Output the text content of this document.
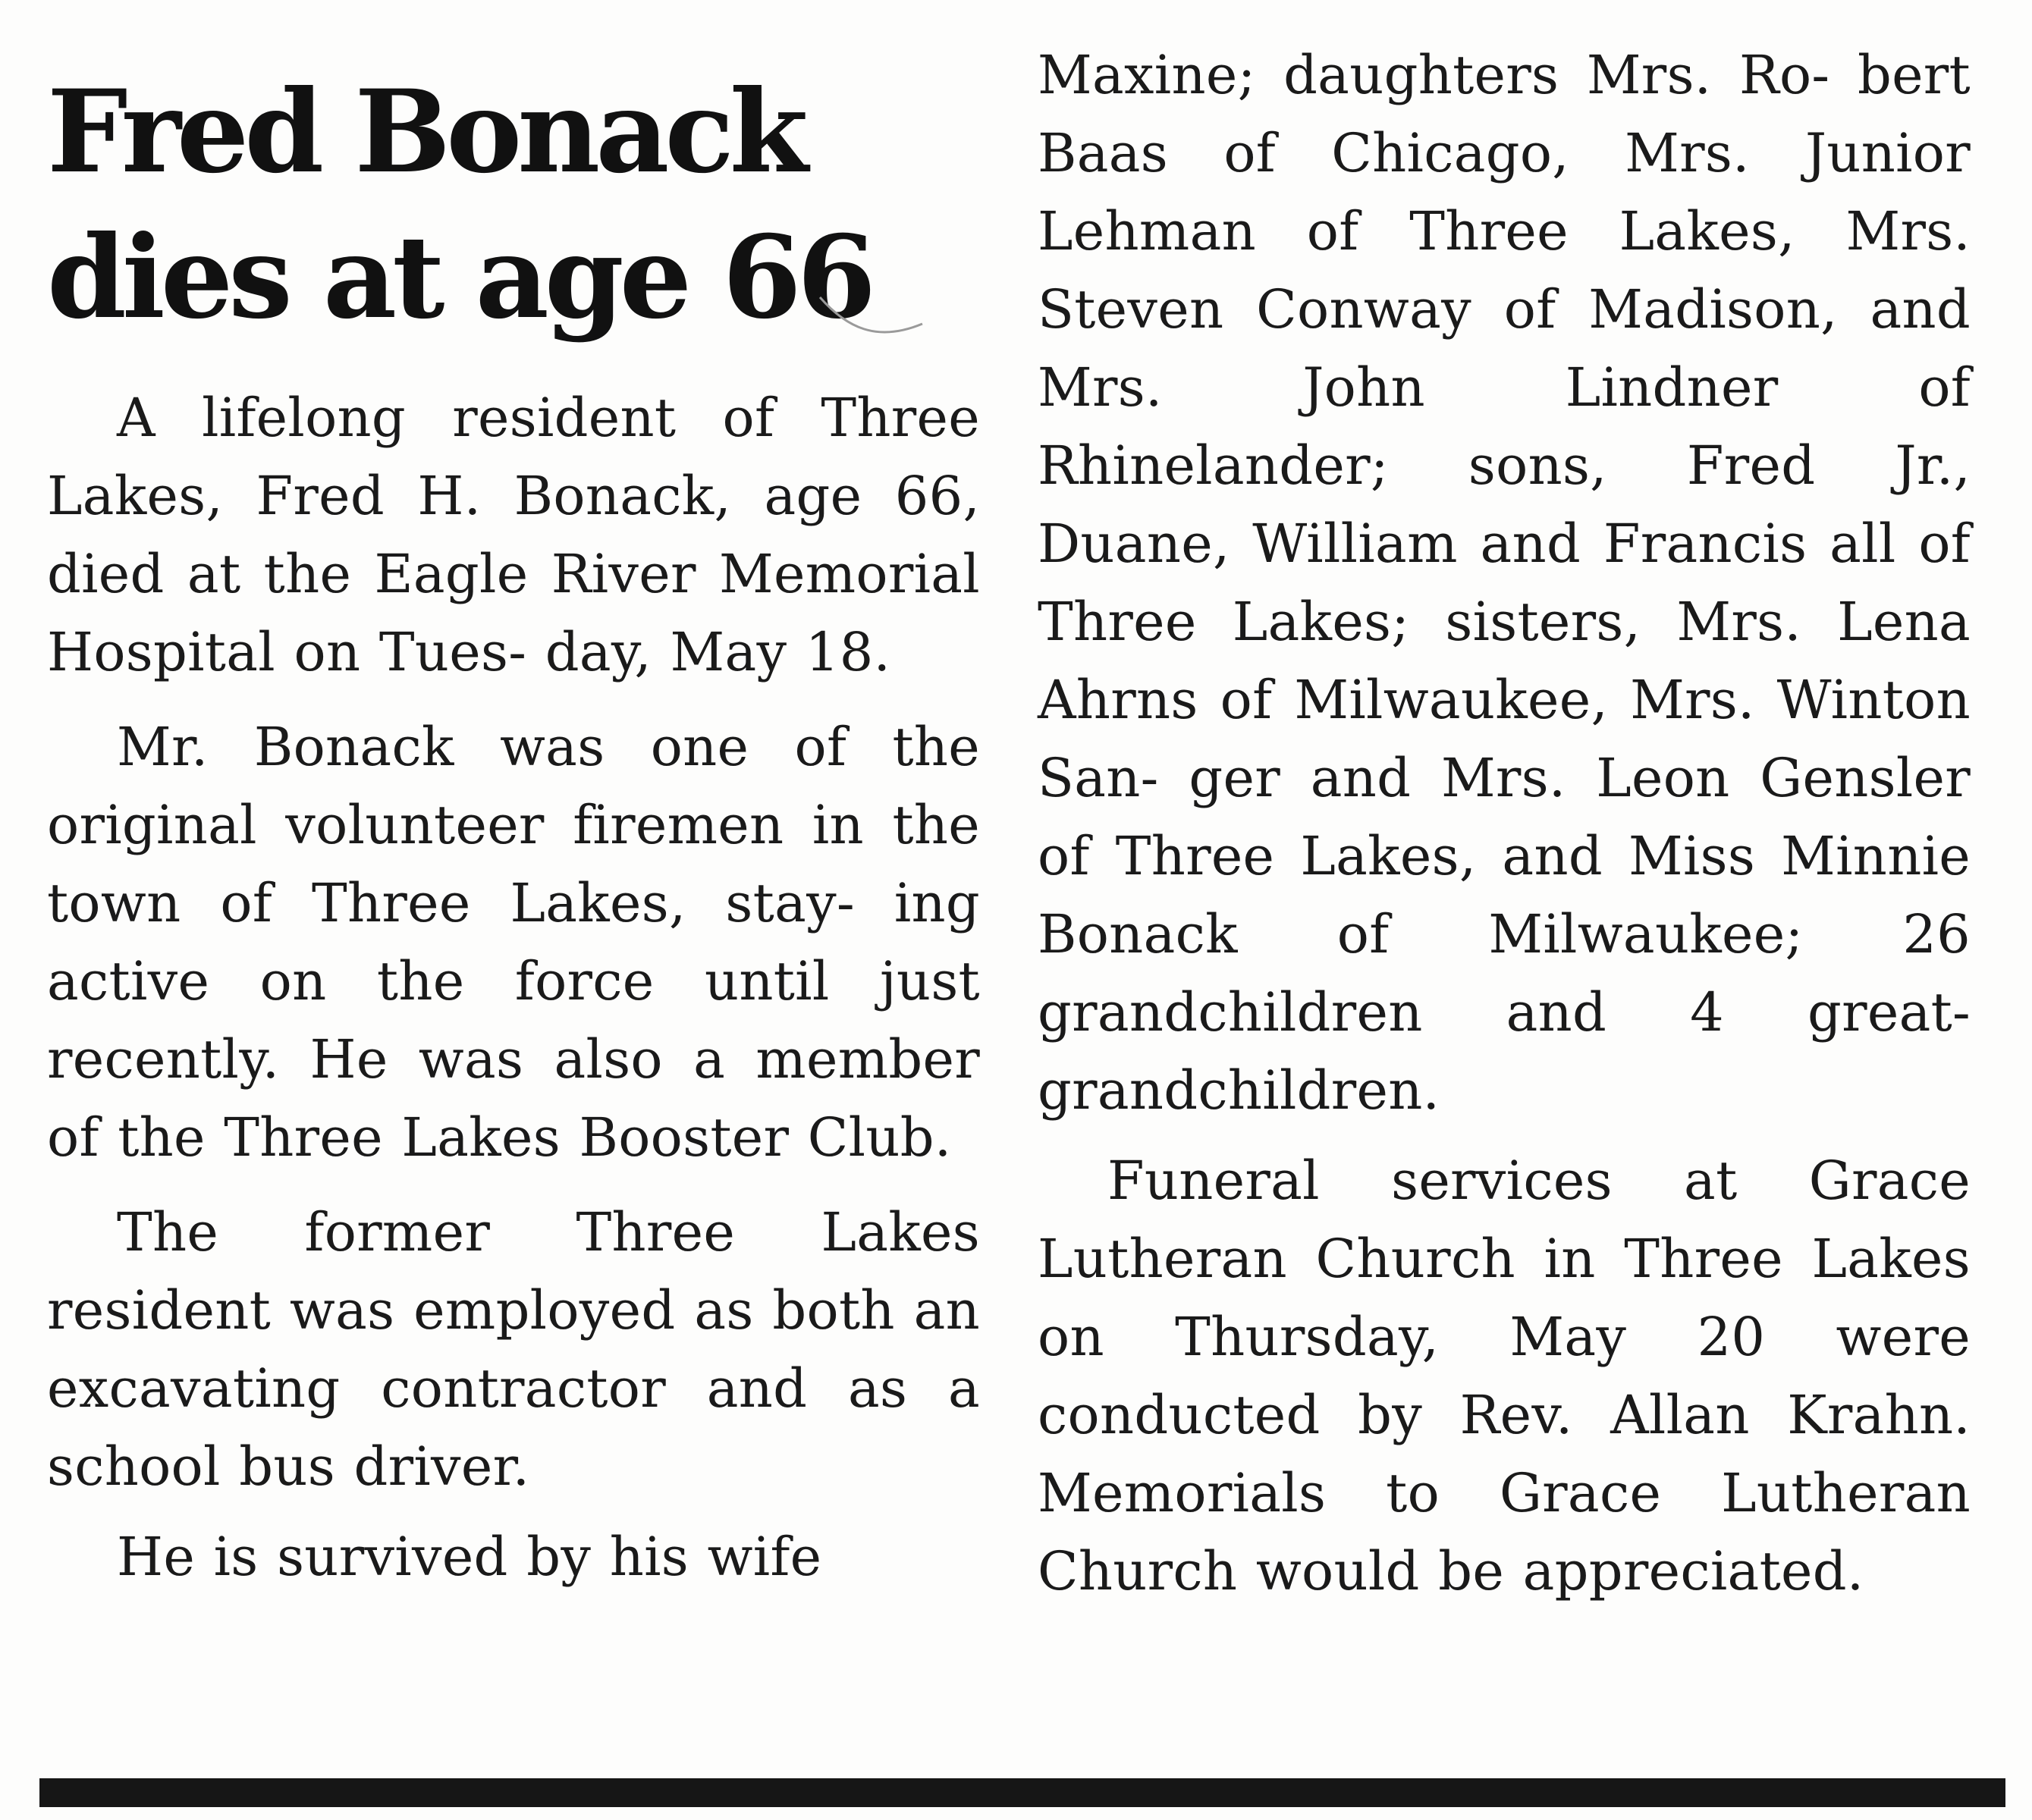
Fred Bonack
dies at age 66

A lifelong resident of Three Lakes, Fred H. Bonack, age 66, died at the Eagle River Memorial Hospital on Tues- day, May 18.

Mr. Bonack was one of the original volunteer firemen in the town of Three Lakes, stay- ing active on the force until just recently. He was also a member of the Three Lakes Booster Club.

The former Three Lakes resident was employed as both an excavating contractor and as a school bus driver.

He is survived by his wife

Maxine; daughters Mrs. Ro- bert Baas of Chicago, Mrs. Junior Lehman of Three Lakes, Mrs. Steven Conway of Madison, and Mrs. John Lindner of Rhinelander; sons, Fred Jr., Duane, William and Francis all of Three Lakes; sisters, Mrs. Lena Ahrns of Milwaukee, Mrs. Winton San- ger and Mrs. Leon Gensler of Three Lakes, and Miss Minnie Bonack of Milwaukee; 26 grandchildren and 4 great- grandchildren.

Funeral services at Grace Lutheran Church in Three Lakes on Thursday, May 20 were conducted by Rev. Allan Krahn. Memorials to Grace Lutheran Church would be appreciated.
